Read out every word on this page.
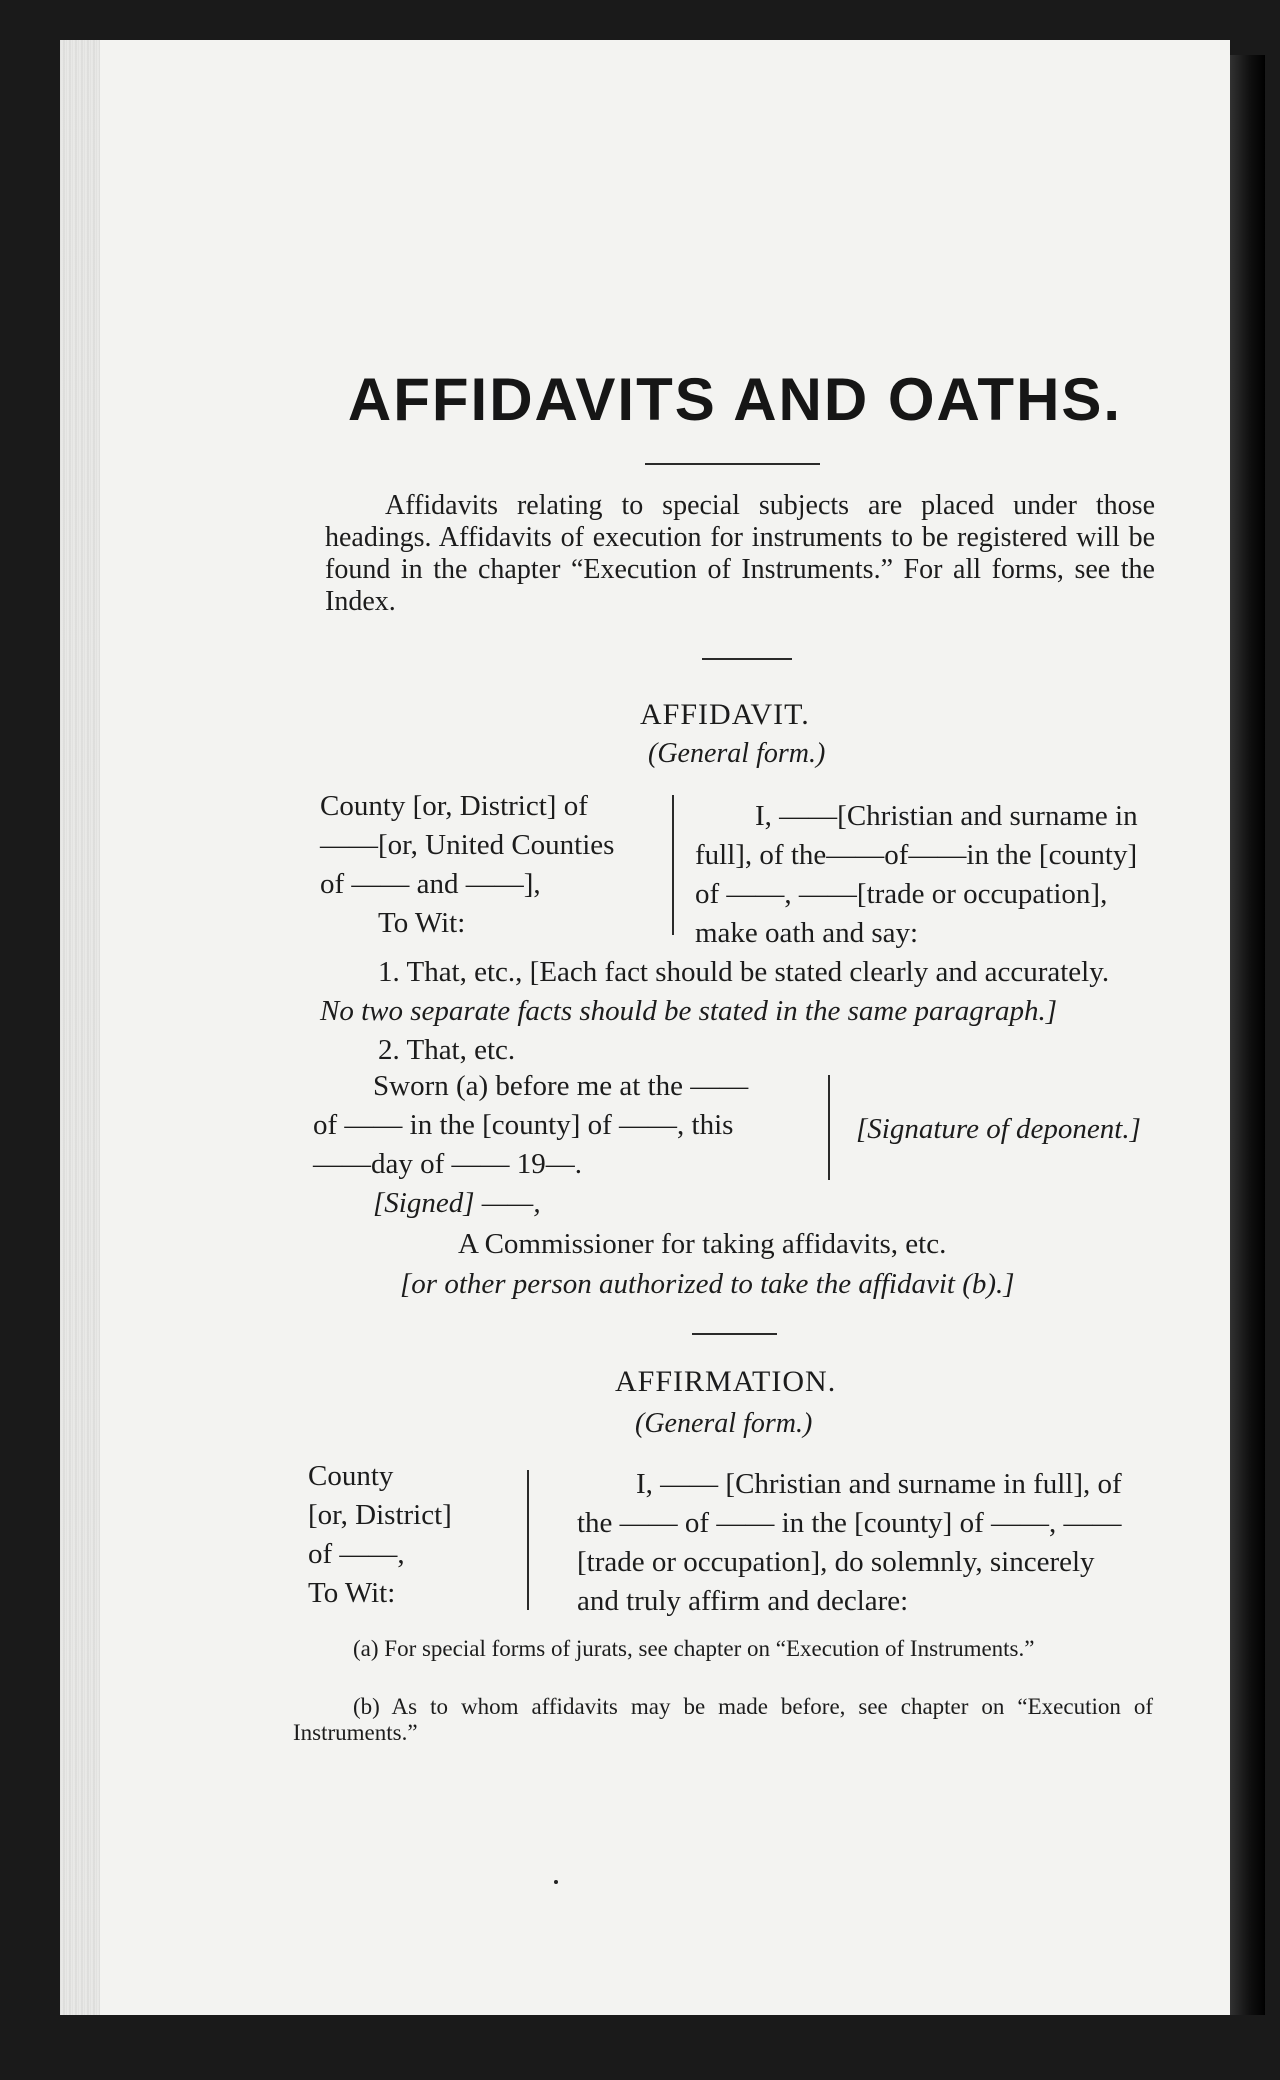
AFFIDAVITS AND OATHS.

Affidavits relating to special subjects are placed under those headings. Affidavits of execution for instruments to be registered will be found in the chapter “Execution of Instruments.” For all forms, see the Index.

AFFIDAVIT.
(General form.)
County [or, District] of
——[or, United Counties
of —— and ——],
To Wit:
I, ——[Christian and surname in
full], of the——of——in the [county]
of ——, ——[trade or occupation],
make oath and say:
1. That, etc., [Each fact should be stated clearly and accurately.
No two separate facts should be stated in the same paragraph.]
2. That, etc.
Sworn (a) before me at the ——
of —— in the [county] of ——, this
——day of —— 19—.
[Signature of deponent.]
[Signed] ——,
A Commissioner for taking affidavits, etc.
[or other person authorized to take the affidavit (b).]
AFFIRMATION.
(General form.)
County
[or, District]
of ——,
To Wit:
I, —— [Christian and surname in full], of
the —— of —— in the [county] of ——, ——
[trade or occupation], do solemnly, sincerely
and truly affirm and declare:
(a) For special forms of jurats, see chapter on “Execution of Instruments.”
(b) As to whom affidavits may be made before, see chapter on “Execution of Instruments.”
